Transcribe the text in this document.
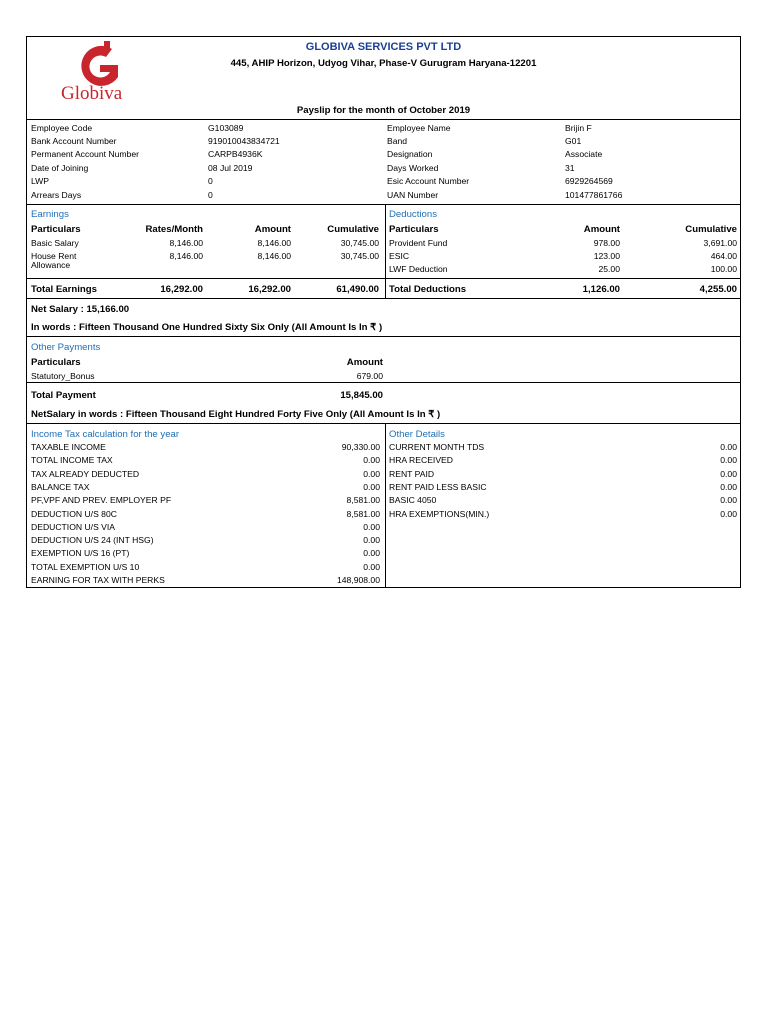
Globiva
GLOBIVA SERVICES PVT LTD
445, AHIP Horizon, Udyog Vihar, Phase-V Gurugram Haryana-12201
Payslip for the month of October 2019
Employee Code	G103089
Bank Account Number	919010043834721
Permanent Account Number	CARPB4936K
Date of Joining	08 Jul 2019
LWP	0
Arrears Days	0
Employee Name	Brijin F
Band	G01
Designation	Associate
Days Worked	31
Esic Account Number	6929264569
UAN Number	101477861766
Earnings
Particulars	Rates/Month	Amount	Cumulative
Basic Salary	8,146.00	8,146.00	30,745.00
House Rent
Allowance
8,146.00	8,146.00	30,745.00
Deductions
Particulars	Amount	Cumulative
Provident Fund	978.00	3,691.00
ESIC	123.00	464.00
LWF Deduction	25.00	100.00
Total Earnings	16,292.00	16,292.00	61,490.00 Total Deductions	1,126.00	4,255.00
Net Salary : 15,166.00
In words : Fifteen Thousand One Hundred Sixty Six Only (All Amount Is In ₹ )
Other Payments
Particulars	Amount
Statutory_Bonus	679.00
Total Payment	15,845.00
NetSalary in words : Fifteen Thousand Eight Hundred Forty Five Only (All Amount Is In ₹ )
Income Tax calculation for the year
TAXABLE INCOME	90,330.00
TOTAL INCOME TAX	0.00
TAX ALREADY DEDUCTED	0.00
BALANCE TAX	0.00
PF,VPF AND PREV. EMPLOYER PF	8,581.00
DEDUCTION U/S 80C	8,581.00
DEDUCTION U/S VIA	0.00
DEDUCTION U/S 24 (INT HSG)	0.00
EXEMPTION U/S 16 (PT)	0.00
TOTAL EXEMPTION U/S 10	0.00
EARNING FOR TAX WITH PERKS	148,908.00
Other Details
CURRENT MONTH TDS	0.00
HRA RECEIVED	0.00
RENT PAID	0.00
RENT PAID LESS BASIC	0.00
BASIC 4050	0.00
HRA EXEMPTIONS(MIN.)	0.00
